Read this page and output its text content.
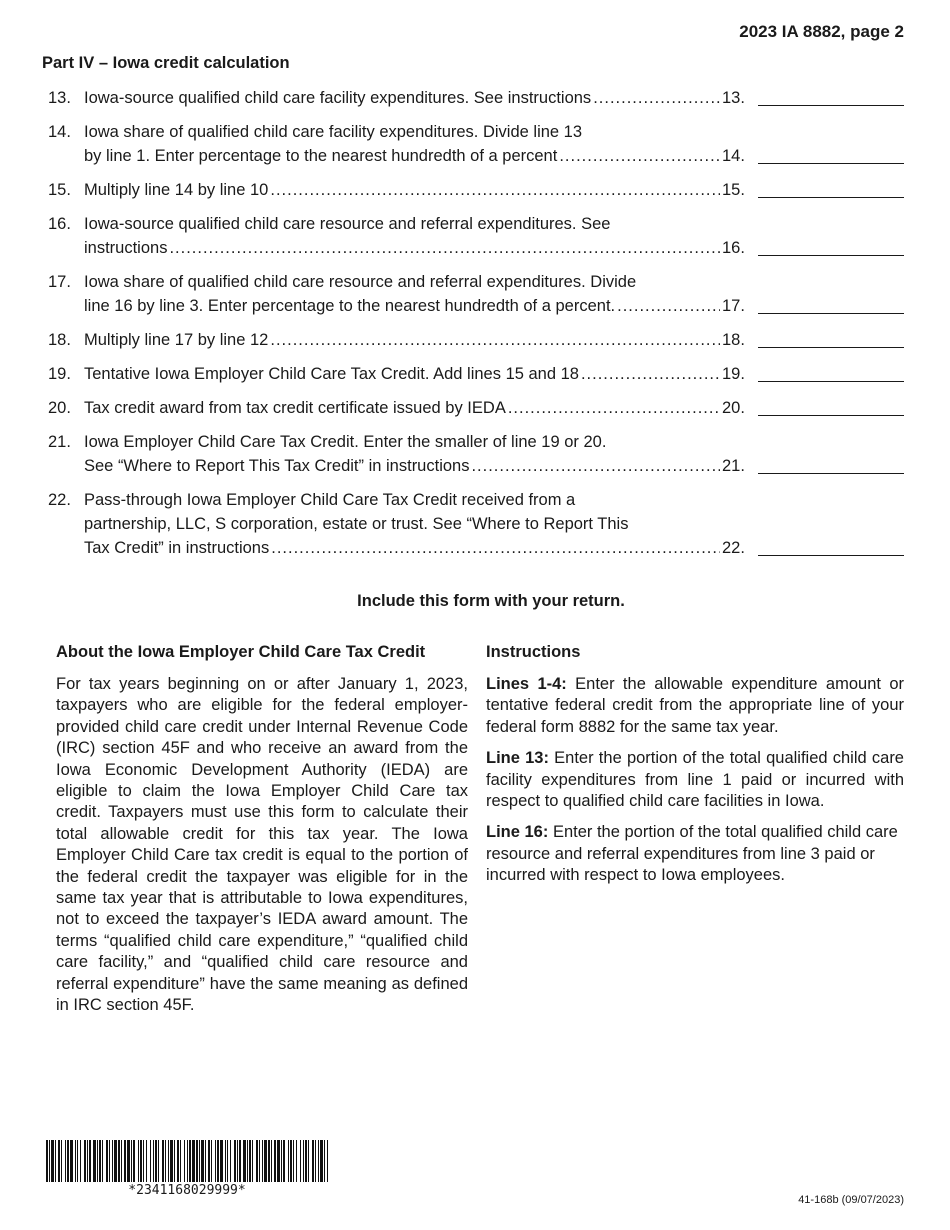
2023 IA 8882, page 2
Part IV – Iowa credit calculation
13. Iowa-source qualified child care facility expenditures. See instructions .....	13.
14. Iowa share of qualified child care facility expenditures. Divide line 13
by line 1. Enter percentage to the nearest hundredth of a percent .....	14.
15. Multiply line 14 by line 10 .....	15.
16. Iowa-source qualified child care resource and referral expenditures. See
instructions .....	16.
17. Iowa share of qualified child care resource and referral expenditures. Divide
line 16 by line 3. Enter percentage to the nearest hundredth of a percent. .....	17.
18. Multiply line 17 by line 12 .....	18.
19. Tentative Iowa Employer Child Care Tax Credit. Add lines 15 and 18 .....	19.
20. Tax credit award from tax credit certificate issued by IEDA .....	20.
21. Iowa Employer Child Care Tax Credit. Enter the smaller of line 19 or 20.
See “Where to Report This Tax Credit” in instructions .....	21.
22. Pass-through Iowa Employer Child Care Tax Credit received from a
partnership, LLC, S corporation, estate or trust. See “Where to Report This
Tax Credit” in instructions .....	22.
Include this form with your return.
About the Iowa Employer Child Care Tax Credit

For tax years beginning on or after January 1, 2023, taxpayers who are eligible for the federal employer-provided child care credit under Internal Revenue Code (IRC) section 45F and who receive an award from the Iowa Economic Development Authority (IEDA) are eligible to claim the Iowa Employer Child Care tax credit. Taxpayers must use this form to calculate their total allowable credit for this tax year. The Iowa Employer Child Care tax credit is equal to the portion of the federal credit the taxpayer was eligible for in the same tax year that is attributable to Iowa expenditures, not to exceed the taxpayer’s IEDA award amount. The terms “qualified child care expenditure,” “qualified child care facility,” and “qualified child care resource and referral expenditure” have the same meaning as defined in IRC section 45F.

Instructions

Lines 1-4: Enter the allowable expenditure amount or tentative federal credit from the appropriate line of your federal form 8882 for the same tax year.

Line 13: Enter the portion of the total qualified child care facility expenditures from line 1 paid or incurred with respect to qualified child care facilities in Iowa.

Line 16: Enter the portion of the total qualified child care resource and referral expenditures from line 3 paid or incurred with respect to Iowa employees.

*2341168029999*
41-168b (09/07/2023)
